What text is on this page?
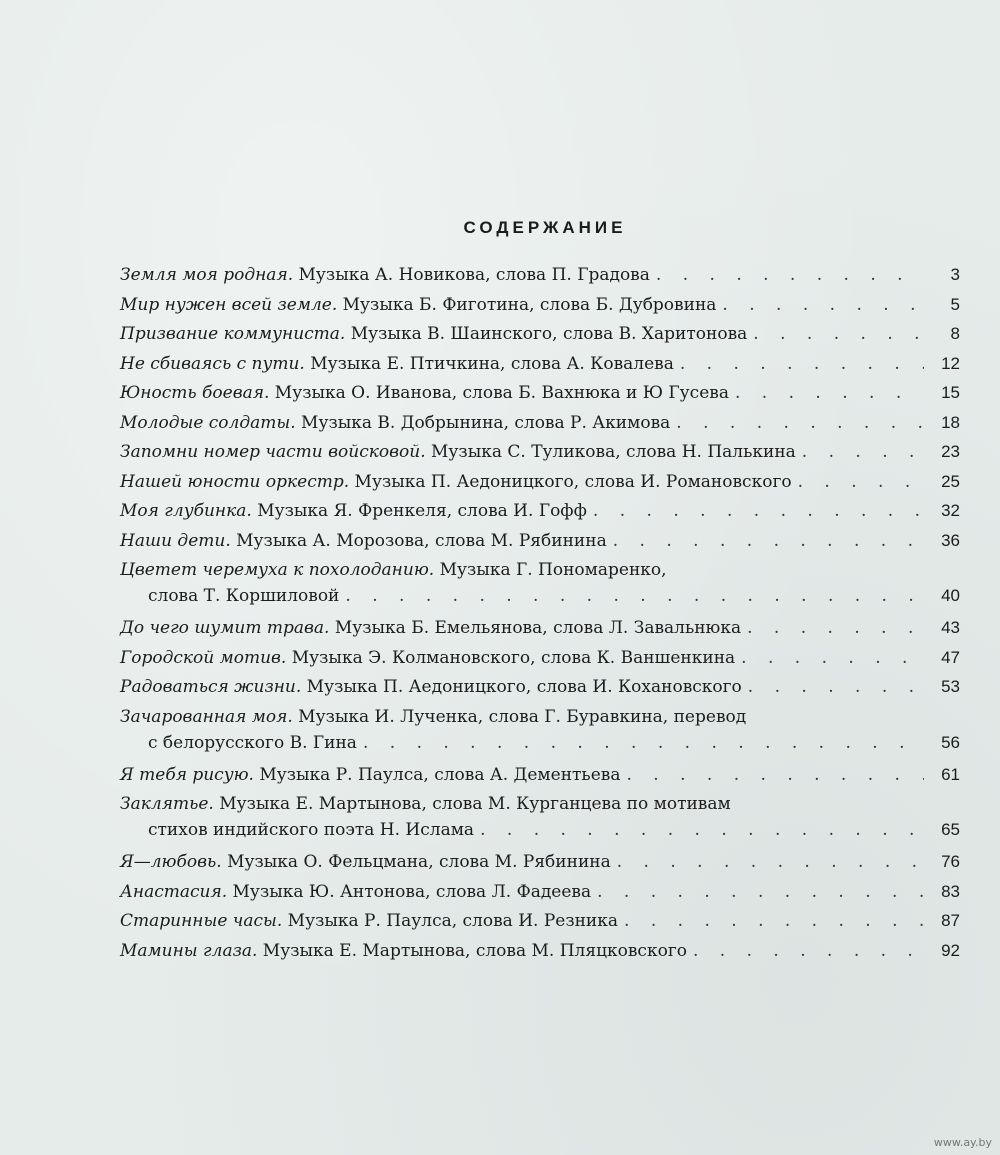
СОДЕРЖАНИЕ
Земля моя родная. Музыка А. Новикова, слова П. Градова . . .	3
Мир нужен всей земле. Музыка Б. Фиготина, слова Б. Дубровина . . .	5
Призвание коммуниста. Музыка В. Шаинского, слова В. Харитонова . . .	8
Не сбиваясь с пути. Музыка Е. Птичкина, слова А. Ковалева . . .	12
Юность боевая. Музыка О. Иванова, слова Б. Вахнюка и Ю Гусева . . .	15
Молодые солдаты. Музыка В. Добрынина, слова Р. Акимова . . .	18
Запомни номер части войсковой. Музыка С. Туликова, слова Н. Палькина . . .	23
Нашей юности оркестр. Музыка П. Аедоницкого, слова И. Романовского . . .	25
Моя глубинка. Музыка Я. Френкеля, слова И. Гофф . . .	32
Наши дети. Музыка А. Морозова, слова М. Рябинина . . .	36
Цветет черемуха к похолоданию. Музыка Г. Пономаренко,
слова Т. Коршиловой . . .	40
До чего шумит трава. Музыка Б. Емельянова, слова Л. Завальнюка . . .	43
Городской мотив. Музыка Э. Колмановского, слова К. Ваншенкина . . .	47
Радоваться жизни. Музыка П. Аедоницкого, слова И. Кохановского . . .	53
Зачарованная моя. Музыка И. Лученка, слова Г. Буравкина, перевод
с белорусского В. Гина . . .	56
Я тебя рисую. Музыка Р. Паулса, слова А. Дементьева . . .	61
Заклятье. Музыка Е. Мартынова, слова М. Курганцева по мотивам
стихов индийского поэта Н. Ислама . . .	65
Я—любовь. Музыка О. Фельцмана, слова М. Рябинина . . .	76
Анастасия. Музыка Ю. Антонова, слова Л. Фадеева . . .	83
Старинные часы. Музыка Р. Паулса, слова И. Резника . . .	87
Мамины глаза. Музыка Е. Мартынова, слова М. Пляцковского . . .	92
www.ay.by
